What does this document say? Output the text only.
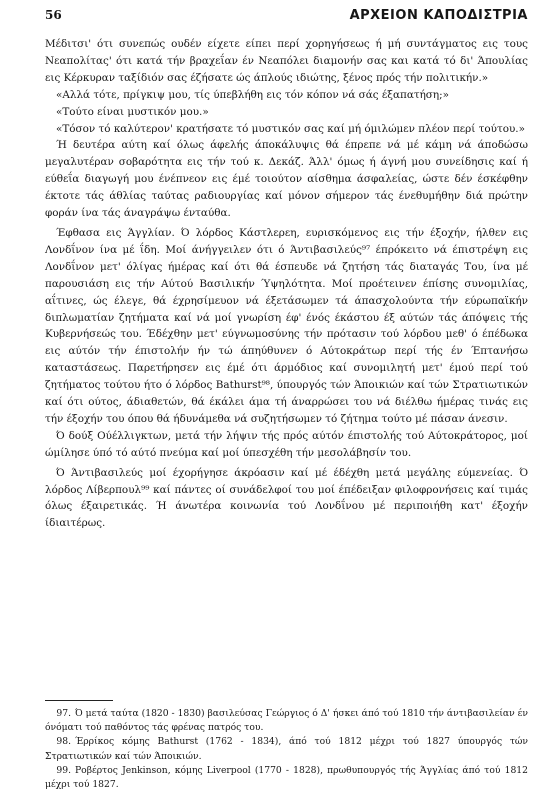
56	ΑΡΧΕΙΟΝ ΚΑΠΟΔΙΣΤΡΙΑ

Μέδιτσι' ότι συνεπώς ουδέν είχετε είπει περί χορηγήσεως ή μή συντάγματος εις τους Νεαπολίτας' ότι κατά τήν βραχεΐαν έν Νεαπόλει διαμονήν σας και κατά τό δι' Άπουλίας εις Κέρκυραν ταξίδιόν σας έζήσατε ώς άπλούς ιδιώτης, ξένος πρός τήν πολιτικήν.»

«Αλλά τότε, πρίγκιψ μου, τίς ύπεβλήθη εις τόν κόπον νά σάς έξαπατήση;»

«Τούτο είναι μυστικόν μου.»

«Τόσον τό καλύτερον' κρατήσατε τό μυστικόν σας καί μή όμιλώμεν πλέον περί τούτου.»

Ή δευτέρα αύτη καί όλως άφελής άποκάλυψις θά έπρεπε νά μέ κάμη νά άποδώσω μεγαλυτέραν σοβαρότητα εις τήν τού κ. Δεκάζ. Άλλ' όμως ή άγνή μου συνείδησις καί ή εύθεΐα διαγωγή μου ένέπνεον εις έμέ τοιούτον αίσθημα άσφαλείας, ώστε δέν έσκέφθην έκτοτε τάς άθλίας ταύτας ραδιουργίας καί μόνον σήμερον τάς ένεθυμήθην διά πρώτην φοράν ίνα τάς άναγράψω ένταύθα.

Έφθασα εις Άγγλίαν. Ό λόρδος Κάστλερεη, ευρισκόμενος εις τήν έξοχήν, ήλθεν εις Λονδΐνον ίνα μέ ΐδη. Μοί άνήγγειλεν ότι ό Άντιβασιλεύς⁹⁷ έπρόκειτο νά έπιστρέψη εις Λονδΐνον μετ' όλίγας ήμέρας καί ότι θά έσπευδε νά ζητήση τάς διαταγάς Του, ίνα μέ παρουσιάση εις τήν Αύτού Βασιλικήν Ύψηλότητα. Μοί προέτεινεν έπίσης συνομιλίας, αΐτινες, ώς έλεγε, θά έχρησίμευον νά έξετάσωμεν τά άπασχολούντα τήν εύρωπαϊκήν διπλωματίαν ζητήματα καί νά μοί γνωρίση έφ' ένός έκάστου έξ αύτών τάς άπόψεις τής Κυβερνήσεώς του. Έδέχθην μετ' εύγνωμοσύνης τήν πρότασιν τού λόρδου μεθ' ό έπέδωκα εις αύτόν τήν έπιστολήν ήν τώ άπηύθυνεν ό Αύτοκράτωρ περί τής έν Έπτανήσω καταστάσεως. Παρετήρησεν εις έμέ ότι άρμόδιος καί συνομιλητή μετ' έμού περί τού ζητήματος τούτου ήτο ό λόρδος Bathurst⁹⁸, ύπουργός τών Άποικιών καί τών Στρατιωτικών καί ότι ούτος, άδιαθετών, θά έκάλει άμα τή άναρρώσει του νά διέλθω ήμέρας τινάς εις τήν έξοχήν του όπου θά ήδυνάμεθα νά συζητήσωμεν τό ζήτημα τούτο μέ πάσαν άνεσιν.

Ό δούξ Ούέλλιγκτων, μετά τήν λήψιν τής πρός αύτόν έπιστολής τού Αύτοκράτορος, μοί ώμίλησε ύπό τό αύτό πνεύμα καί μοί ύπεσχέθη τήν μεσολάβησίν του.

Ό Άντιβασιλεύς μοί έχορήγησε άκρόασιν καί μέ έδέχθη μετά μεγάλης εύμενείας. Ό λόρδος Λίβερπουλ⁹⁹ καί πάντες οί συνάδελφοί του μοί έπέδειξαν φιλοφρονήσεις καί τιμάς όλως έξαιρετικάς. Ή άνωτέρα κοινωνία τού Λονδΐνου μέ περιποιήθη κατ' έξοχήν ίδιαιτέρως.

97. Ό μετά ταύτα (1820 - 1830) βασιλεύσας Γεώργιος ό Δ' ήσκει άπό τού 1810 τήν άντιβασιλείαν έν όνόματι τού παθόντος τάς φρένας πατρός του.

98. Έρρίκος κόμης Bathurst (1762 - 1834), άπό τού 1812 μέχρι τού 1827 ύπουργός τών Στρατιωτικών καί τών Άποικιών.

99. Ροβέρτος Jenkinson, κόμης Liverpool (1770 - 1828), πρωθυπουργός τής Άγγλίας άπό τού 1812 μέχρι τού 1827.
